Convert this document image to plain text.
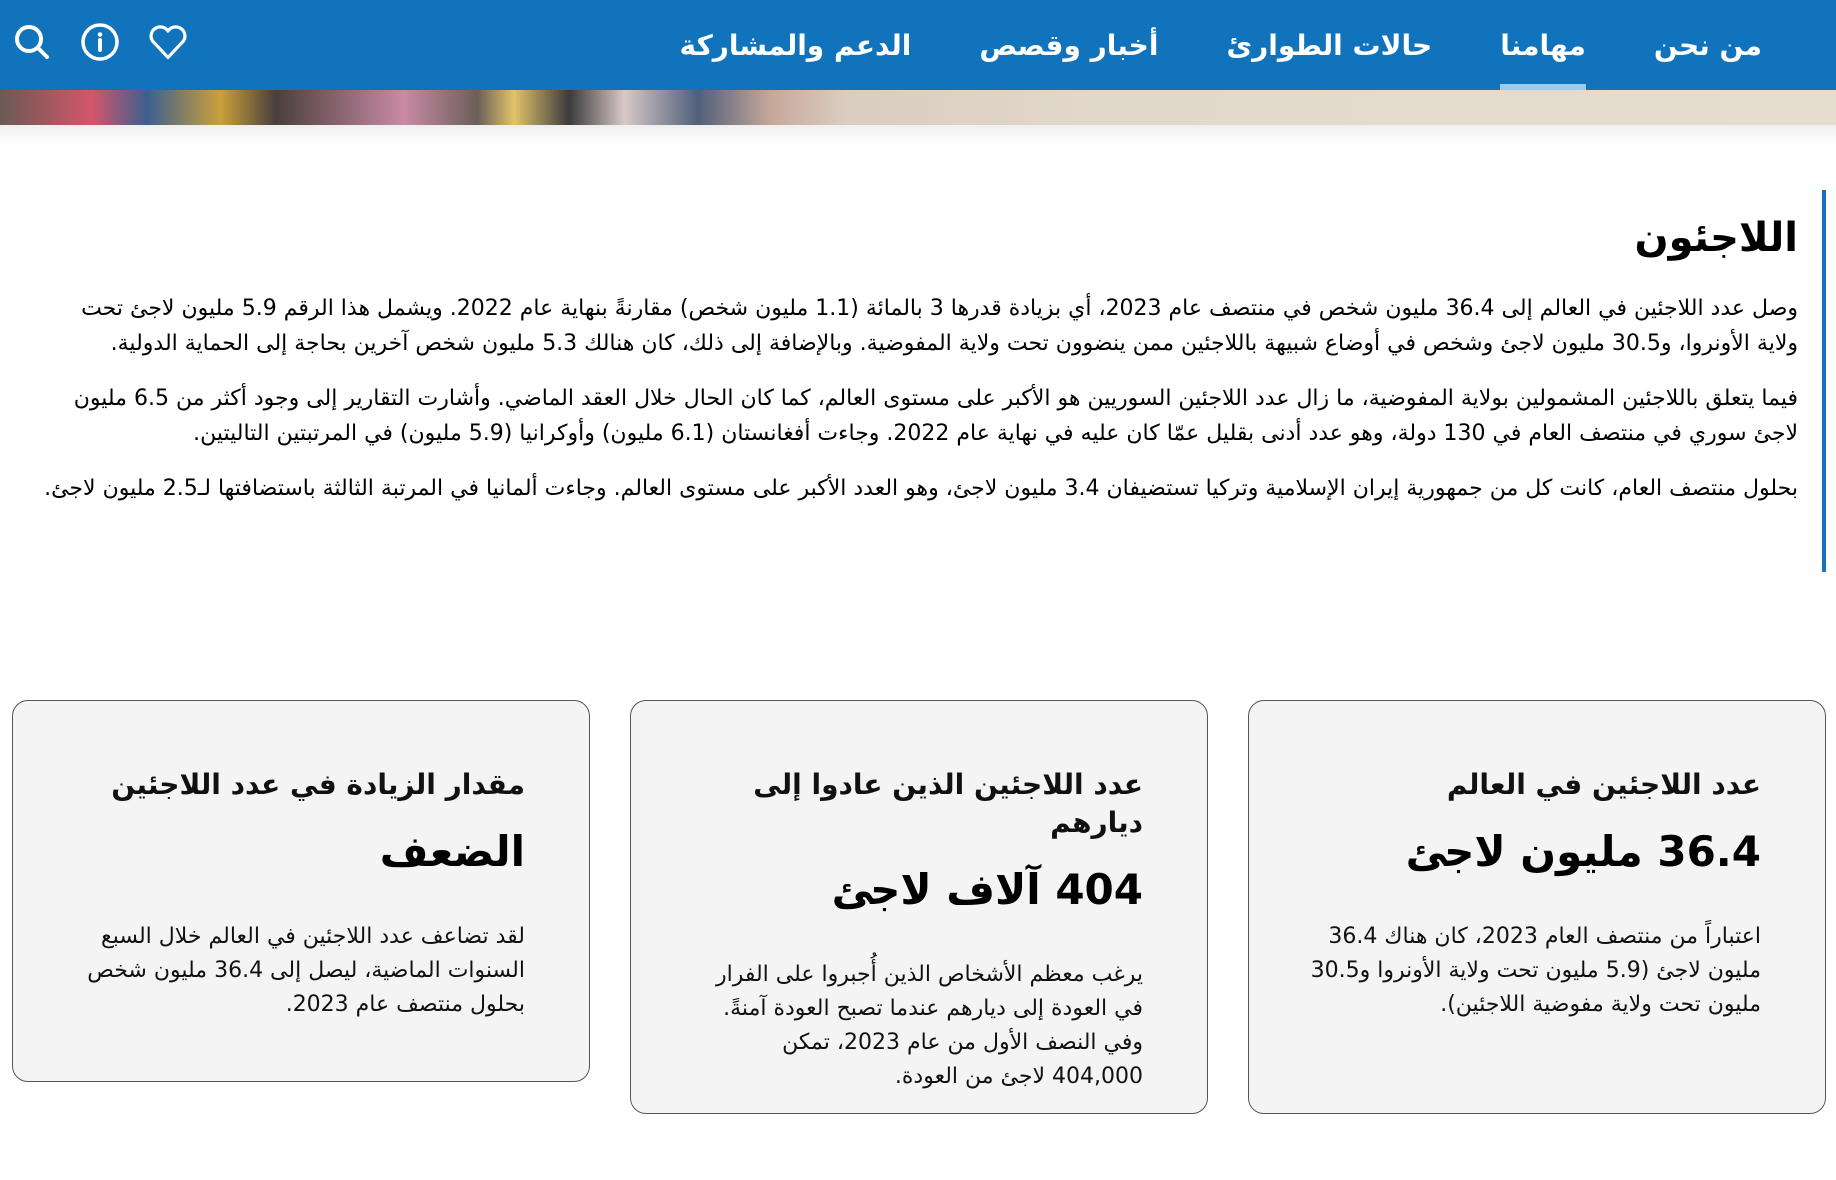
من نحن
مهامنا
حالات الطوارئ
أخبار وقصص
الدعم والمشاركة
اللاجئون

وصل عدد اللاجئين في العالم إلى 36.4 مليون شخص في منتصف عام 2023، أي بزيادة قدرها 3 بالمائة (1.1 مليون شخص) مقارنةً بنهاية عام 2022. ويشمل هذا الرقم 5.9 مليون لاجئ تحت ولاية الأونروا، و30.5 مليون لاجئ وشخص في أوضاع شبيهة باللاجئين ممن ينضوون تحت ولاية المفوضية. وبالإضافة إلى ذلك، كان هنالك 5.3 مليون شخص آخرين بحاجة إلى الحماية الدولية.

فيما يتعلق باللاجئين المشمولين بولاية المفوضية، ما زال عدد اللاجئين السوريين هو الأكبر على مستوى العالم، كما كان الحال خلال العقد الماضي. وأشارت التقارير إلى وجود أكثر من 6.5 مليون لاجئ سوري في منتصف العام في 130 دولة، وهو عدد أدنى بقليل عمّا كان عليه في نهاية عام 2022. وجاءت أفغانستان (6.1 مليون) وأوكرانيا (5.9 مليون) في المرتبتين التاليتين.

بحلول منتصف العام، كانت كل من جمهورية إيران الإسلامية وتركيا تستضيفان 3.4 مليون لاجئ، وهو العدد الأكبر على مستوى العالم. وجاءت ألمانيا في المرتبة الثالثة باستضافتها لـ2.5 مليون لاجئ.

عدد اللاجئين في العالم
36.4 مليون لاجئ
اعتباراً من منتصف العام 2023، كان هناك 36.4 مليون لاجئ (5.9 مليون تحت ولاية الأونروا و30.5 مليون تحت ولاية مفوضية اللاجئين).
عدد اللاجئين الذين عادوا إلى ديارهم
404 آلاف لاجئ
يرغب معظم الأشخاص الذين أُجبروا على الفرار في العودة إلى ديارهم عندما تصبح العودة آمنةً. وفي النصف الأول من عام 2023، تمكن 404,000 لاجئ من العودة.
مقدار الزيادة في عدد اللاجئين
الضعف
لقد تضاعف عدد اللاجئين في العالم خلال السبع السنوات الماضية، ليصل إلى 36.4 مليون شخص بحلول منتصف عام 2023.
